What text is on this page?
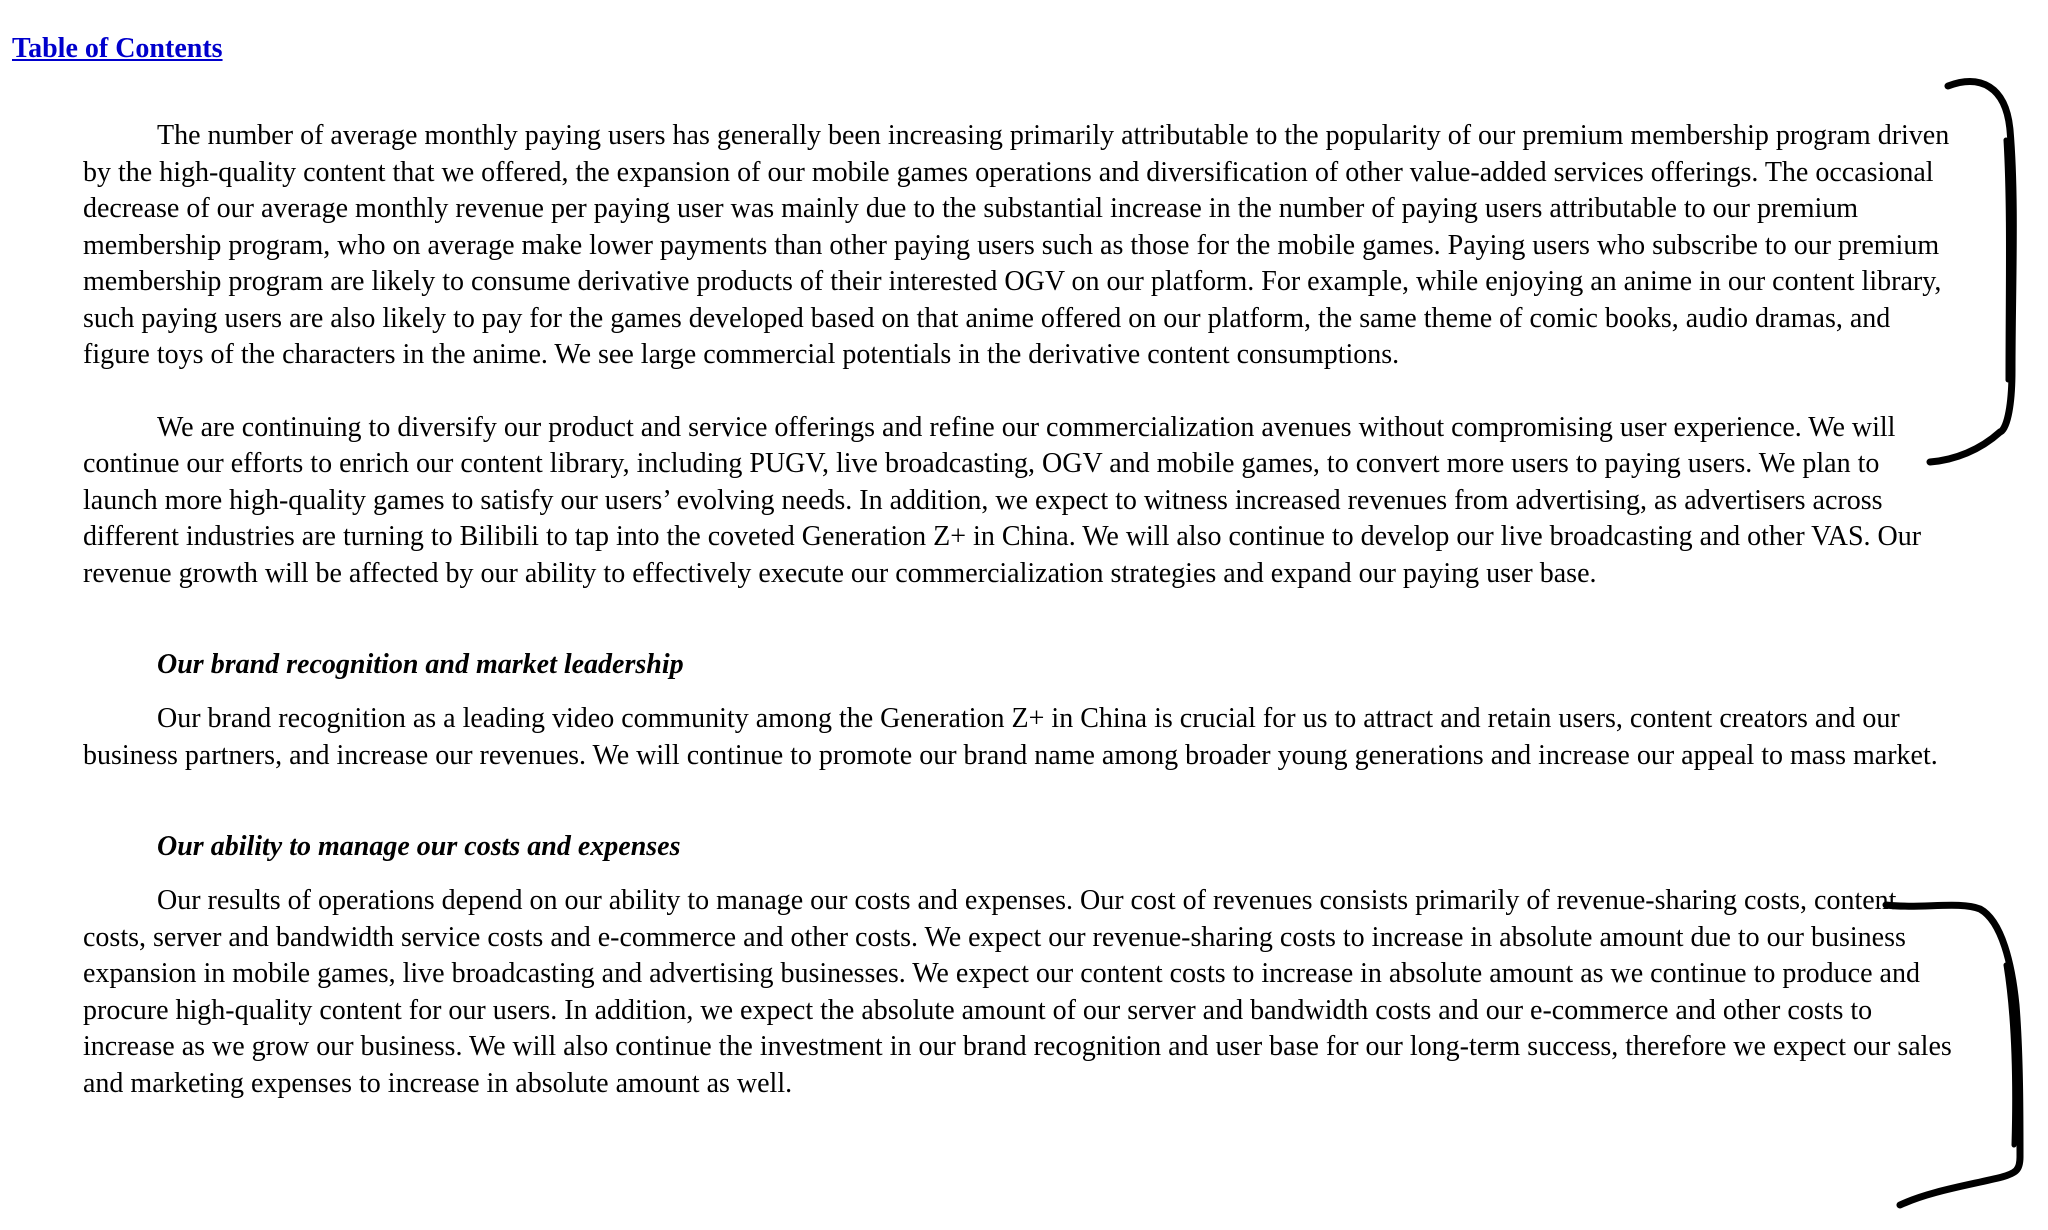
Table of Contents

The number of average monthly paying users has generally been increasing primarily attributable to the popularity of our premium membership program driven by the high-quality content that we offered, the expansion of our mobile games operations and diversification of other value-added services offerings. The occasional decrease of our average monthly revenue per paying user was mainly due to the substantial increase in the number of paying users attributable to our premium membership program, who on average make lower payments than other paying users such as those for the mobile games. Paying users who subscribe to our premium membership program are likely to consume derivative products of their interested OGV on our platform. For example, while enjoying an anime in our content library, such paying users are also likely to pay for the games developed based on that anime offered on our platform, the same theme of comic books, audio dramas, and figure toys of the characters in the anime. We see large commercial potentials in the derivative content consumptions.

We are continuing to diversify our product and service offerings and refine our commercialization avenues without compromising user experience. We will continue our efforts to enrich our content library, including PUGV, live broadcasting, OGV and mobile games, to convert more users to paying users. We plan to launch more high-quality games to satisfy our users’ evolving needs. In addition, we expect to witness increased revenues from advertising, as advertisers across different industries are turning to Bilibili to tap into the coveted Generation Z+ in China. We will also continue to develop our live broadcasting and other VAS. Our revenue growth will be affected by our ability to effectively execute our commercialization strategies and expand our paying user base.

Our brand recognition and market leadership

Our brand recognition as a leading video community among the Generation Z+ in China is crucial for us to attract and retain users, content creators and our business partners, and increase our revenues. We will continue to promote our brand name among broader young generations and increase our appeal to mass market.

Our ability to manage our costs and expenses

Our results of operations depend on our ability to manage our costs and expenses. Our cost of revenues consists primarily of revenue-sharing costs, content costs, server and bandwidth service costs and e-commerce and other costs. We expect our revenue-sharing costs to increase in absolute amount due to our business expansion in mobile games, live broadcasting and advertising businesses. We expect our content costs to increase in absolute amount as we continue to produce and procure high-quality content for our users. In addition, we expect the absolute amount of our server and bandwidth costs and our e-commerce and other costs to increase as we grow our business. We will also continue the investment in our brand recognition and user base for our long-term success, therefore we expect our sales and marketing expenses to increase in absolute amount as well.
